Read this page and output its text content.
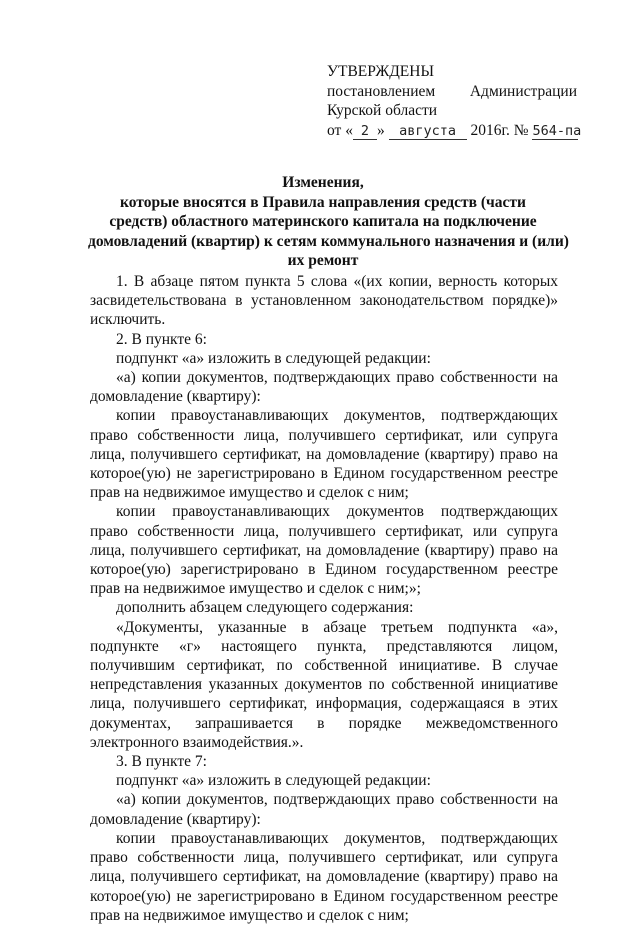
УТВЕРЖДЕНЫ
постановлением Администрации
Курской области
от « 2 » августа 2016г. № 564-па
Изменения,
которые вносятся в Правила направления средств (части
средств) областного материнского капитала на подключение
домовладений (квартир) к сетям коммунального назначения и (или)
их ремонт

1. В абзаце пятом пункта 5 слова «(их копии, верность которых засвидетельствована в установленном законодательством порядке)» исключить.

2. В пункте 6:

подпункт «а» изложить в следующей редакции:

«а) копии документов, подтверждающих право собственности на домовладение (квартиру):

копии правоустанавливающих документов, подтверждающих право собственности лица, получившего сертификат, или супруга лица, получившего сертификат, на домовладение (квартиру) право на которое(ую) не зарегистрировано в Едином государственном реестре прав на недвижимое имущество и сделок с ним;

копии правоустанавливающих документов подтверждающих право собственности лица, получившего сертификат, или супруга лица, получившего сертификат, на домовладение (квартиру) право на которое(ую) зарегистрировано в Едином государственном реестре прав на недвижимое имущество и сделок с ним;»;

дополнить абзацем следующего содержания:

«Документы, указанные в абзаце третьем подпункта «а», подпункте «г» настоящего пункта, представляются лицом, получившим сертификат, по собственной инициативе. В случае непредставления указанных документов по собственной инициативе лица, получившего сертификат, информация, содержащаяся в этих документах, запрашивается в порядке межведомственного электронного взаимодействия.».

3. В пункте 7:

подпункт «а» изложить в следующей редакции:

«а) копии документов, подтверждающих право собственности на домовладение (квартиру):

копии правоустанавливающих документов, подтверждающих право собственности лица, получившего сертификат, или супруга лица, получившего сертификат, на домовладение (квартиру) право на которое(ую) не зарегистрировано в Едином государственном реестре прав на недвижимое имущество и сделок с ним;
